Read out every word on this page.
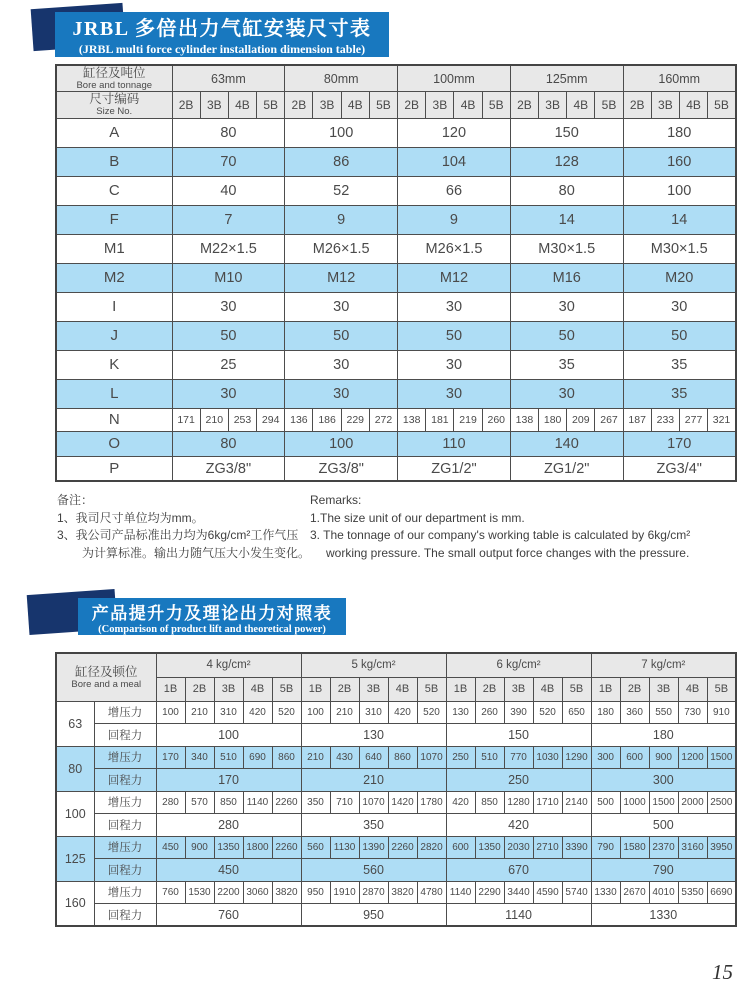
JRBL 多倍出力气缸安装尺寸表
(JRBL multi force cylinder installation dimension table)
缸径及吨位
Bore and tonnage	63mm				80mm				100mm				125mm				160mm			

尺寸编码
Size No.	2B	3B	4B	5B	2B	3B	4B	5B	2B	3B	4B	5B	2B	3B	4B	5B	2B	3B	4B	5B
A	80				100				120				150				180			
B	70				86				104				128				160			
C	40				52				66				80				100			
F	7				9				9				14				14			
M1	M22×1.5				M26×1.5				M26×1.5				M30×1.5				M30×1.5			
M2	M10				M12				M12				M16				M20			
I	30				30				30				30				30			
J	50				50				50				50				50			
K	25				30				30				35				35			
L	30				30				30				30				35			
N	171	210	253	294	136	186	229	272	138	181	219	260	138	180	209	267	187	233	277	321
O	80				100				110				140				170			
P	ZG3/8"				ZG3/8"				ZG1/2"				ZG1/2"				ZG3/4"			
备注：
1、我司尺寸单位均为mm。
3、我公司产品标准出力均为6kg/cm²工作气压
为计算标准。输出力随气压大小发生变化。
Remarks:
1.The size unit of our department is mm.
3. The tonnage of our company's working table is calculated by 6kg/cm²
working pressure. The small output force changes with the pressure.
产品提升力及理论出力对照表
(Comparison of product lift and theoretical power)
缸径及顿位
Bore and a meal		4 kg/cm²					5 kg/cm²					6 kg/cm²					7 kg/cm²				
		1B	2B	3B	4B	5B	1B	2B	3B	4B	5B	1B	2B	3B	4B	5B	1B	2B	3B	4B	5B
63	增压力	100	210	310	420	520	100	210	310	420	520	130	260	390	520	650	180	360	550	730	910
	回程力	100					130					150					180				
80	增压力	170	340	510	690	860	210	430	640	860	1070	250	510	770	1030	1290	300	600	900	1200	1500
	回程力	170					210					250					300				
100	增压力	280	570	850	1140	2260	350	710	1070	1420	1780	420	850	1280	1710	2140	500	1000	1500	2000	2500
	回程力	280					350					420					500				
125	增压力	450	900	1350	1800	2260	560	1130	1390	2260	2820	600	1350	2030	2710	3390	790	1580	2370	3160	3950
	回程力	450					560					670					790				
160	增压力	760	1530	2200	3060	3820	950	1910	2870	3820	4780	1140	2290	3440	4590	5740	1330	2670	4010	5350	6690
	回程力	760					950					1140					1330				
15
